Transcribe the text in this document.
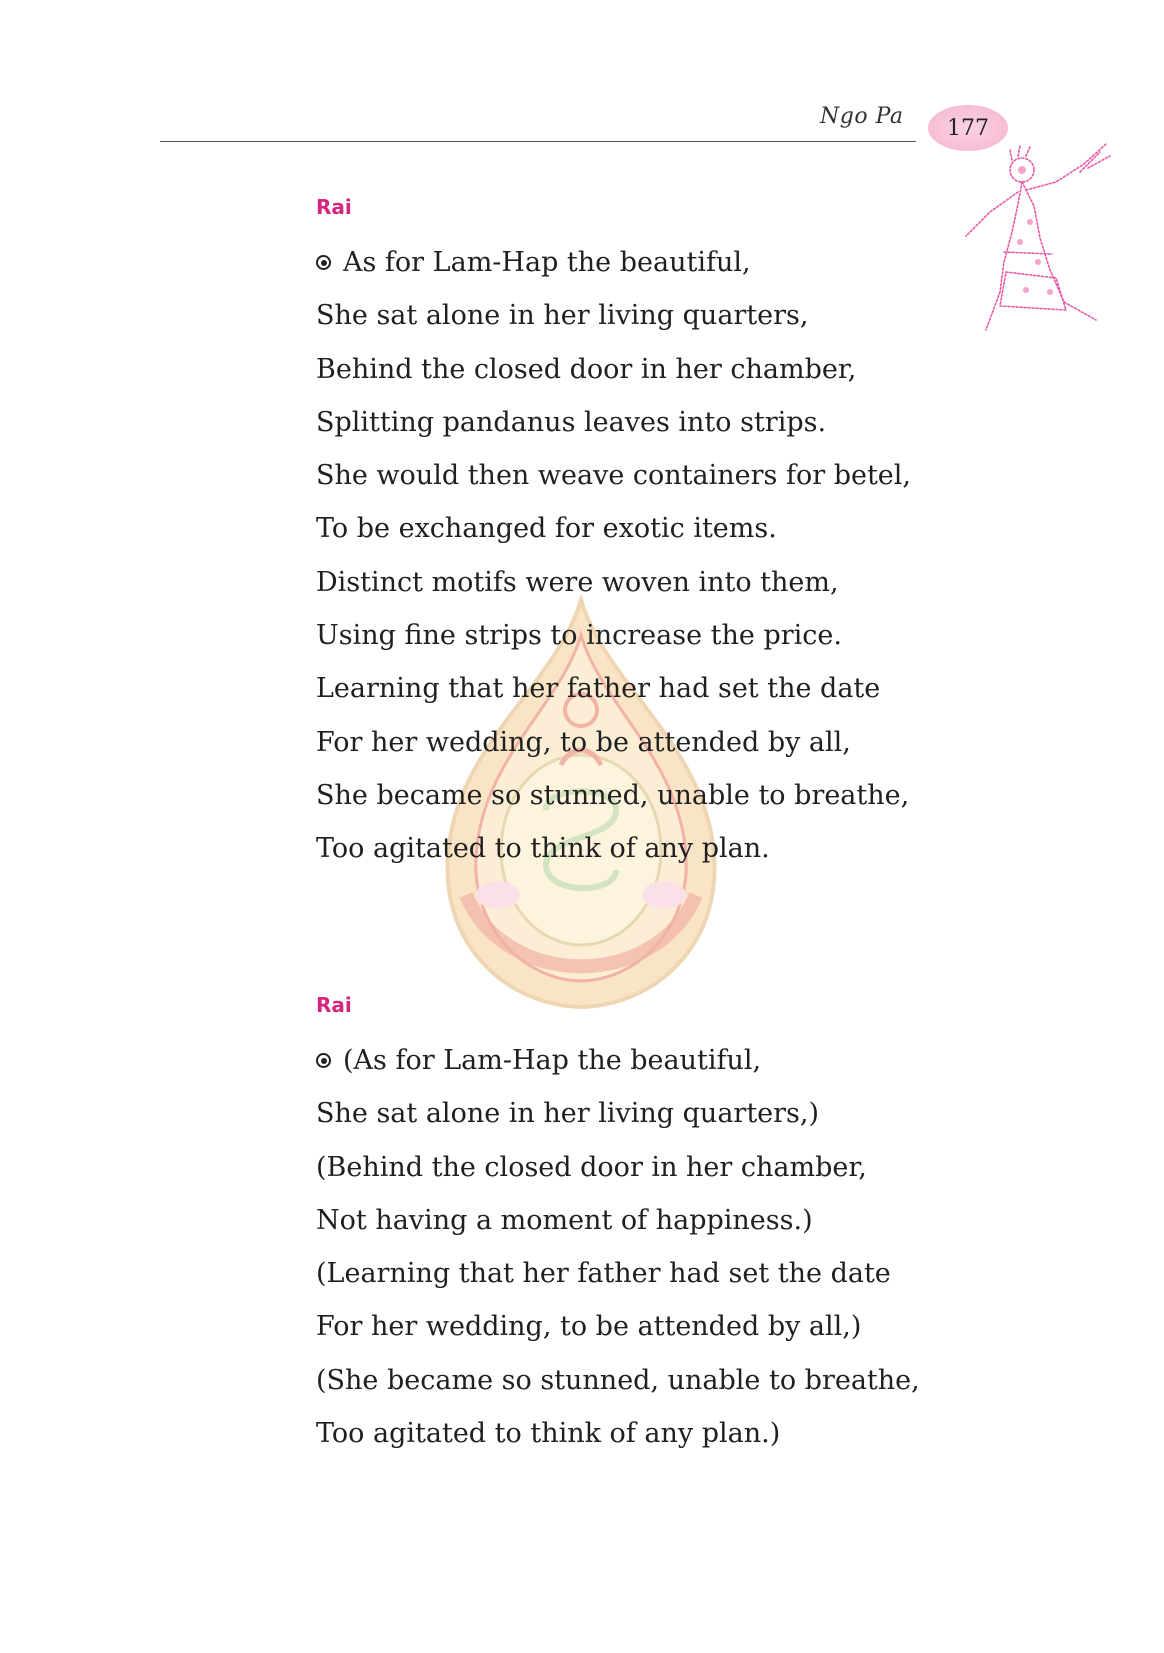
Ngo Pa 177
Rai
As for Lam-Hap the beautiful,
She sat alone in her living quarters,
Behind the closed door in her chamber,
Splitting pandanus leaves into strips.
She would then weave containers for betel,
To be exchanged for exotic items.
Distinct motifs were woven into them,
Using fine strips to increase the price.
Learning that her father had set the date
For her wedding, to be attended by all,
She became so stunned, unable to breathe,
Too agitated to think of any plan.
Rai
(As for Lam-Hap the beautiful,
She sat alone in her living quarters,)
(Behind the closed door in her chamber,
Not having a moment of happiness.)
(Learning that her father had set the date
For her wedding, to be attended by all,)
(She became so stunned, unable to breathe,
Too agitated to think of any plan.)
